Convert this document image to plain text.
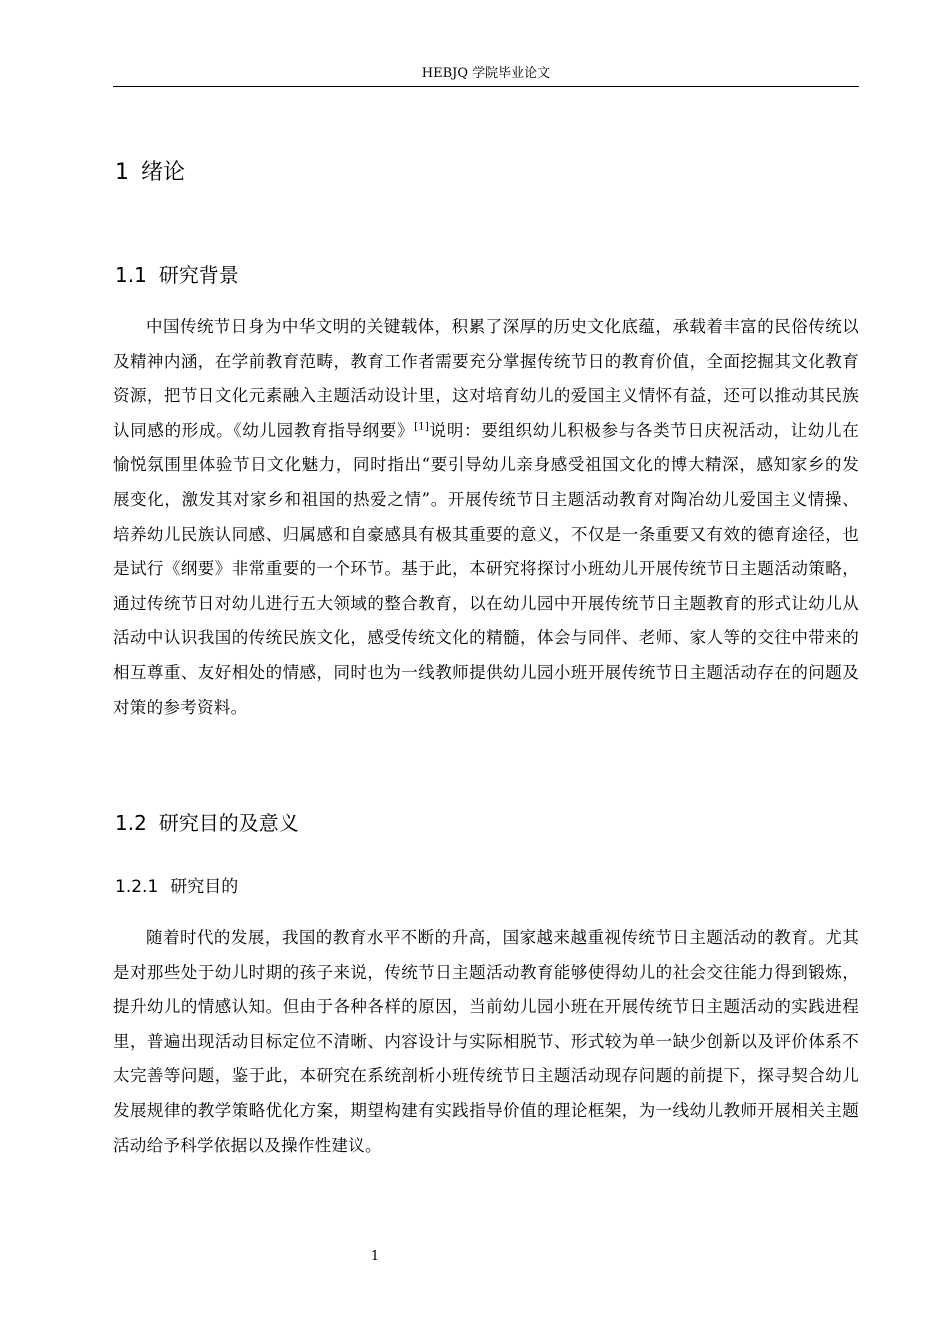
HEBJQ 学院毕业论文
1 绪论
1.1 研究背景

中国传统节日身为中华文明的关键载体，积累了深厚的历史文化底蕴，承载着丰富的民俗传统以及精神内涵，在学前教育范畴，教育工作者需要充分掌握传统节日的教育价值，全面挖掘其文化教育资源，把节日文化元素融入主题活动设计里，这对培育幼儿的爱国主义情怀有益，还可以推动其民族认同感的形成。《幼儿园教育指导纲要》[1]说明：要组织幼儿积极参与各类节日庆祝活动，让幼儿在愉悦氛围里体验节日文化魅力，同时指出“要引导幼儿亲身感受祖国文化的博大精深，感知家乡的发展变化，激发其对家乡和祖国的热爱之情”。开展传统节日主题活动教育对陶冶幼儿爱国主义情操、培养幼儿民族认同感、归属感和自豪感具有极其重要的意义，不仅是一条重要又有效的德育途径，也是试行《纲要》非常重要的一个环节。基于此，本研究将探讨小班幼儿开展传统节日主题活动策略，通过传统节日对幼儿进行五大领域的整合教育，以在幼儿园中开展传统节日主题教育的形式让幼儿从活动中认识我国的传统民族文化，感受传统文化的精髓，体会与同伴、老师、家人等的交往中带来的相互尊重、友好相处的情感，同时也为一线教师提供幼儿园小班开展传统节日主题活动存在的问题及对策的参考资料。

1.2 研究目的及意义
1.2.1 研究目的

随着时代的发展，我国的教育水平不断的升高，国家越来越重视传统节日主题活动的教育。尤其是对那些处于幼儿时期的孩子来说，传统节日主题活动教育能够使得幼儿的社会交往能力得到锻炼，提升幼儿的情感认知。但由于各种各样的原因，当前幼儿园小班在开展传统节日主题活动的实践进程里，普遍出现活动目标定位不清晰、内容设计与实际相脱节、形式较为单一缺少创新以及评价体系不太完善等问题，鉴于此，本研究在系统剖析小班传统节日主题活动现存问题的前提下，探寻契合幼儿发展规律的教学策略优化方案，期望构建有实践指导价值的理论框架，为一线幼儿教师开展相关主题活动给予科学依据以及操作性建议。

1
